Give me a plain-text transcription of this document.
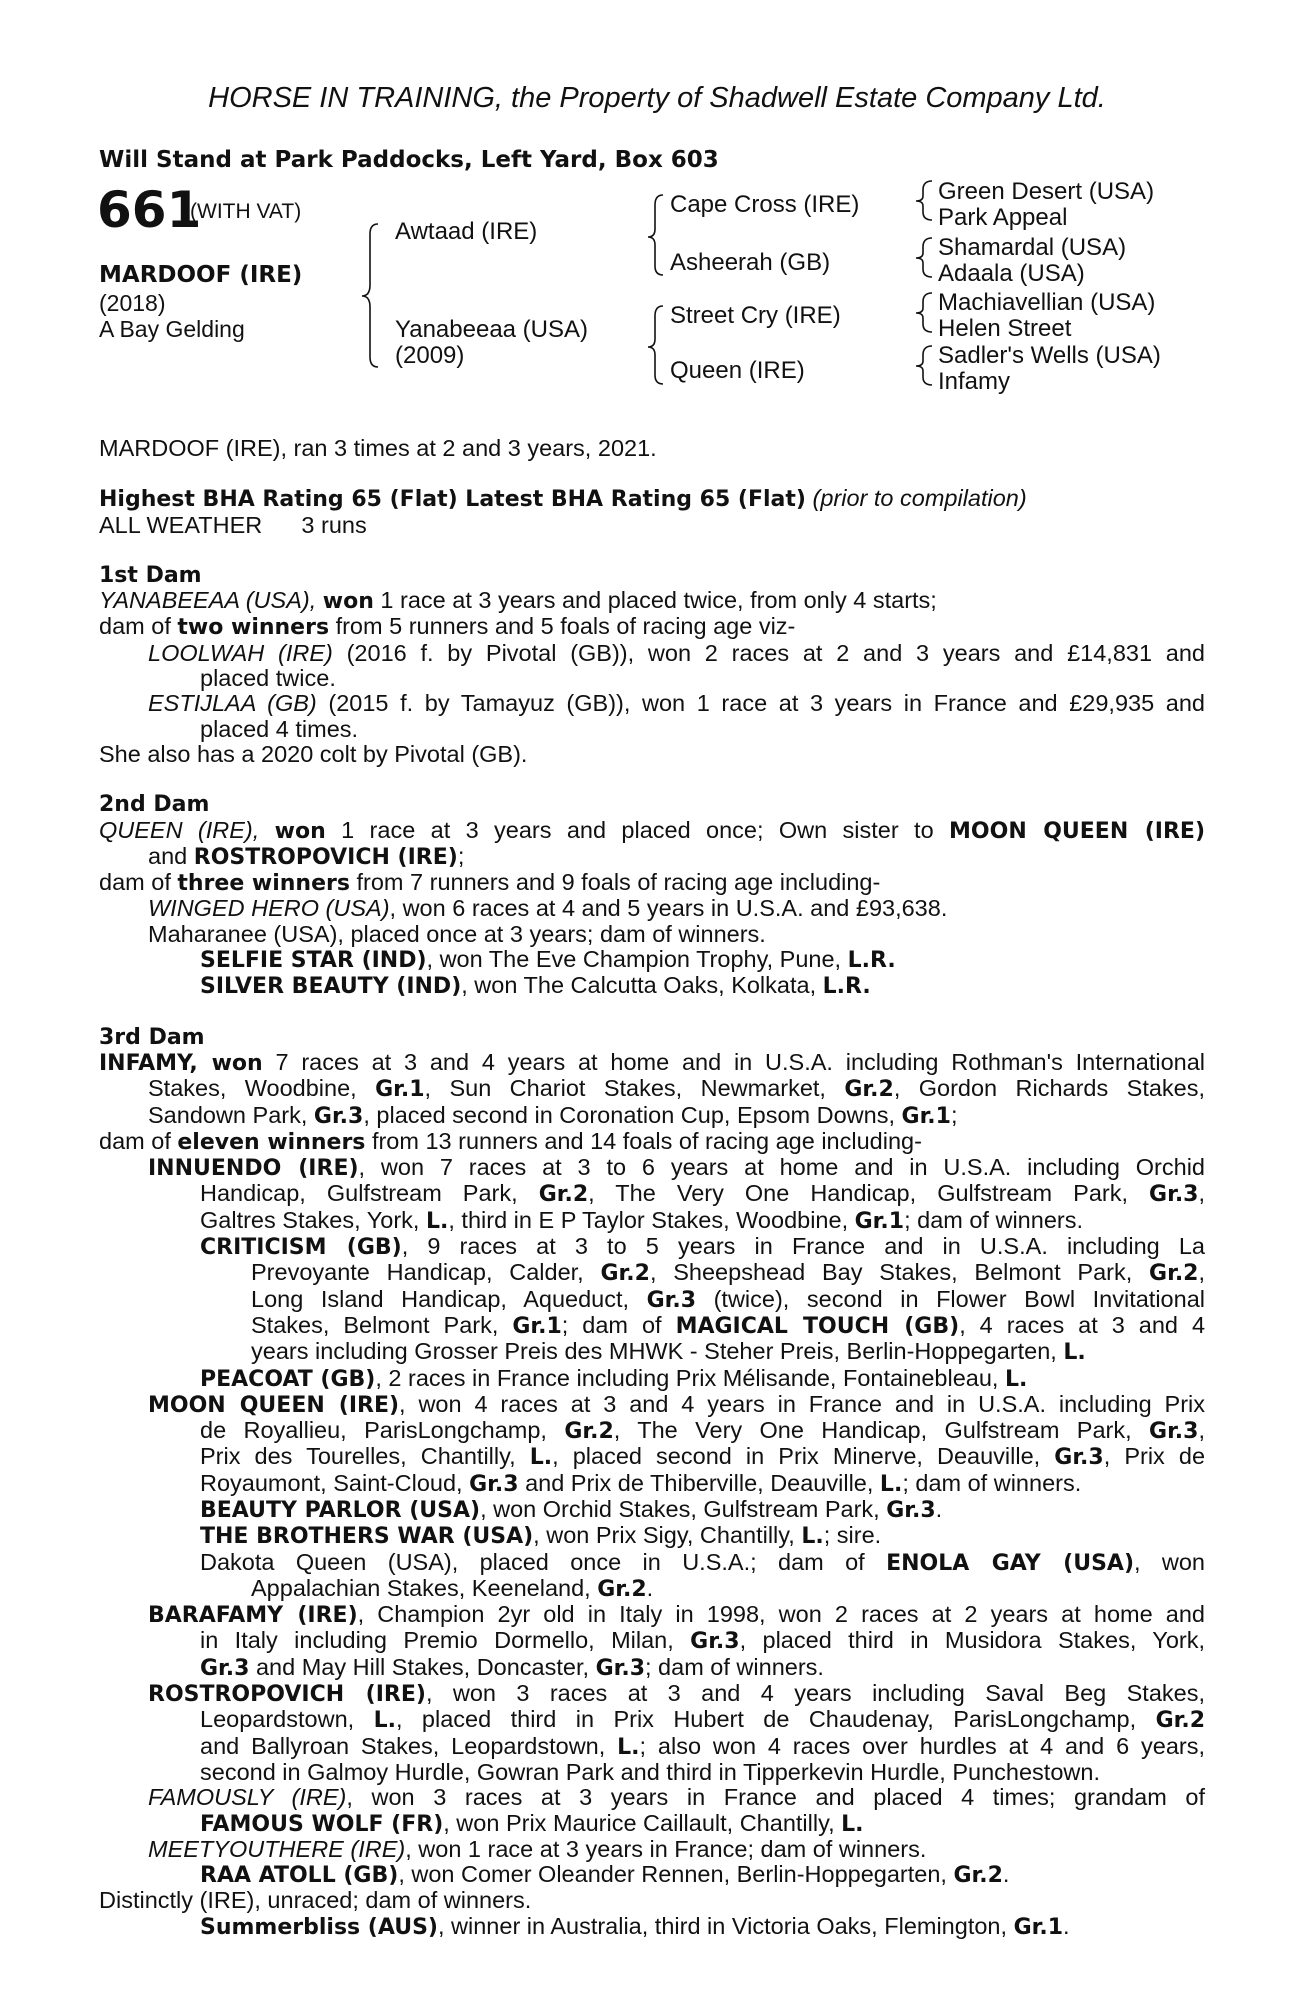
HORSE IN TRAINING, the Property of Shadwell Estate Company Ltd.
Will Stand at Park Paddocks, Left Yard, Box 603
661
(WITH VAT)
MARDOOF (IRE)
(2018)
A Bay Gelding
Awtaad (IRE)
Yanabeeaa (USA)
(2009)
Cape Cross (IRE)
Asheerah (GB)
Street Cry (IRE)
Queen (IRE)
Green Desert (USA)
Park Appeal
Shamardal (USA)
Adaala (USA)
Machiavellian (USA)
Helen Street
Sadler's Wells (USA)
Infamy
MARDOOF (IRE), ran 3 times at 2 and 3 years, 2021.
Highest BHA Rating 65 (Flat) Latest BHA Rating 65 (Flat) (prior to compilation)
ALL WEATHER 3 runs
1st Dam
YANABEEAA (USA), won 1 race at 3 years and placed twice, from only 4 starts;
dam of two winners from 5 runners and 5 foals of racing age viz-
LOOLWAH (IRE) (2016 f. by Pivotal (GB)), won 2 races at 2 and 3 years and £14,831 and
placed twice.
ESTIJLAA (GB) (2015 f. by Tamayuz (GB)), won 1 race at 3 years in France and £29,935 and
placed 4 times.
She also has a 2020 colt by Pivotal (GB).
2nd Dam
QUEEN (IRE), won 1 race at 3 years and placed once; Own sister to MOON QUEEN (IRE)
and ROSTROPOVICH (IRE);
dam of three winners from 7 runners and 9 foals of racing age including-
WINGED HERO (USA), won 6 races at 4 and 5 years in U.S.A. and £93,638.
Maharanee (USA), placed once at 3 years; dam of winners.
SELFIE STAR (IND), won The Eve Champion Trophy, Pune, L.R.
SILVER BEAUTY (IND), won The Calcutta Oaks, Kolkata, L.R.
3rd Dam
INFAMY, won 7 races at 3 and 4 years at home and in U.S.A. including Rothman's International
Stakes, Woodbine, Gr.1, Sun Chariot Stakes, Newmarket, Gr.2, Gordon Richards Stakes,
Sandown Park, Gr.3, placed second in Coronation Cup, Epsom Downs, Gr.1;
dam of eleven winners from 13 runners and 14 foals of racing age including-
INNUENDO (IRE), won 7 races at 3 to 6 years at home and in U.S.A. including Orchid
Handicap, Gulfstream Park, Gr.2, The Very One Handicap, Gulfstream Park, Gr.3,
Galtres Stakes, York, L., third in E P Taylor Stakes, Woodbine, Gr.1; dam of winners.
CRITICISM (GB), 9 races at 3 to 5 years in France and in U.S.A. including La
Prevoyante Handicap, Calder, Gr.2, Sheepshead Bay Stakes, Belmont Park, Gr.2,
Long Island Handicap, Aqueduct, Gr.3 (twice), second in Flower Bowl Invitational
Stakes, Belmont Park, Gr.1; dam of MAGICAL TOUCH (GB), 4 races at 3 and 4
years including Grosser Preis des MHWK - Steher Preis, Berlin-Hoppegarten, L.
PEACOAT (GB), 2 races in France including Prix Mélisande, Fontainebleau, L.
MOON QUEEN (IRE), won 4 races at 3 and 4 years in France and in U.S.A. including Prix
de Royallieu, ParisLongchamp, Gr.2, The Very One Handicap, Gulfstream Park, Gr.3,
Prix des Tourelles, Chantilly, L., placed second in Prix Minerve, Deauville, Gr.3, Prix de
Royaumont, Saint-Cloud, Gr.3 and Prix de Thiberville, Deauville, L.; dam of winners.
BEAUTY PARLOR (USA), won Orchid Stakes, Gulfstream Park, Gr.3.
THE BROTHERS WAR (USA), won Prix Sigy, Chantilly, L.; sire.
Dakota Queen (USA), placed once in U.S.A.; dam of ENOLA GAY (USA), won
Appalachian Stakes, Keeneland, Gr.2.
BARAFAMY (IRE), Champion 2yr old in Italy in 1998, won 2 races at 2 years at home and
in Italy including Premio Dormello, Milan, Gr.3, placed third in Musidora Stakes, York,
Gr.3 and May Hill Stakes, Doncaster, Gr.3; dam of winners.
ROSTROPOVICH (IRE), won 3 races at 3 and 4 years including Saval Beg Stakes,
Leopardstown, L., placed third in Prix Hubert de Chaudenay, ParisLongchamp, Gr.2
and Ballyroan Stakes, Leopardstown, L.; also won 4 races over hurdles at 4 and 6 years,
second in Galmoy Hurdle, Gowran Park and third in Tipperkevin Hurdle, Punchestown.
FAMOUSLY (IRE), won 3 races at 3 years in France and placed 4 times; grandam of
FAMOUS WOLF (FR), won Prix Maurice Caillault, Chantilly, L.
MEETYOUTHERE (IRE), won 1 race at 3 years in France; dam of winners.
RAA ATOLL (GB), won Comer Oleander Rennen, Berlin-Hoppegarten, Gr.2.
Distinctly (IRE), unraced; dam of winners.
Summerbliss (AUS), winner in Australia, third in Victoria Oaks, Flemington, Gr.1.
